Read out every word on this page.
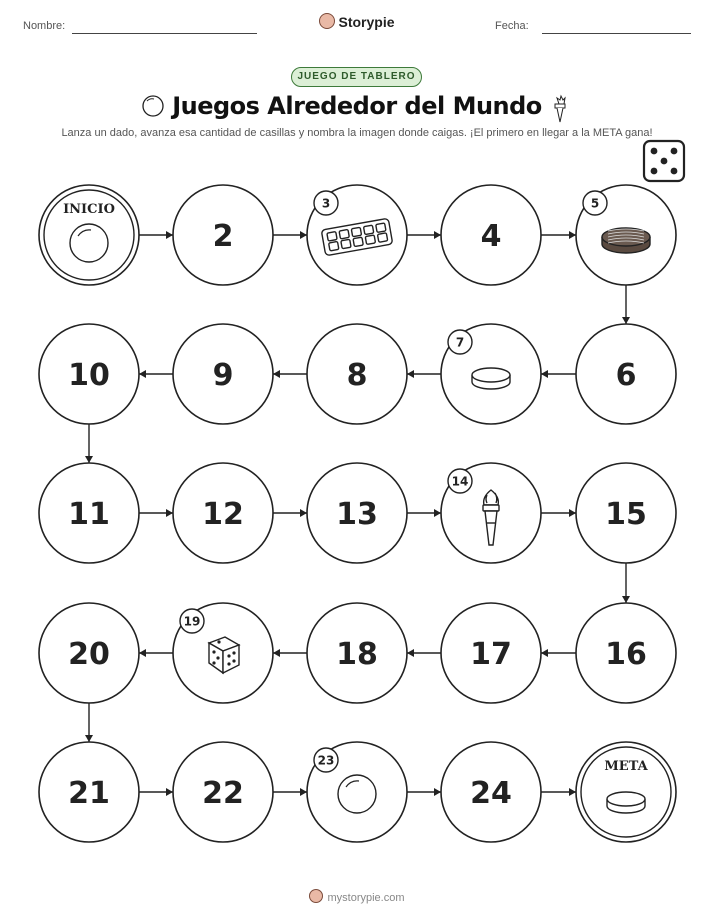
Nombre:	Storypie	Fecha:
JUEGO DE TABLERO
Juegos Alrededor del Mundo
Lanza un dado, avanza esa cantidad de casillas y nombra la imagen donde caigas. ¡El primero en llegar a la META gana!
INICIO
2
3
4
5
6
7
8
9
10
11	12	13
14
15
16
17
18
19
20
21	22
23
24
META
mystorypie.com
